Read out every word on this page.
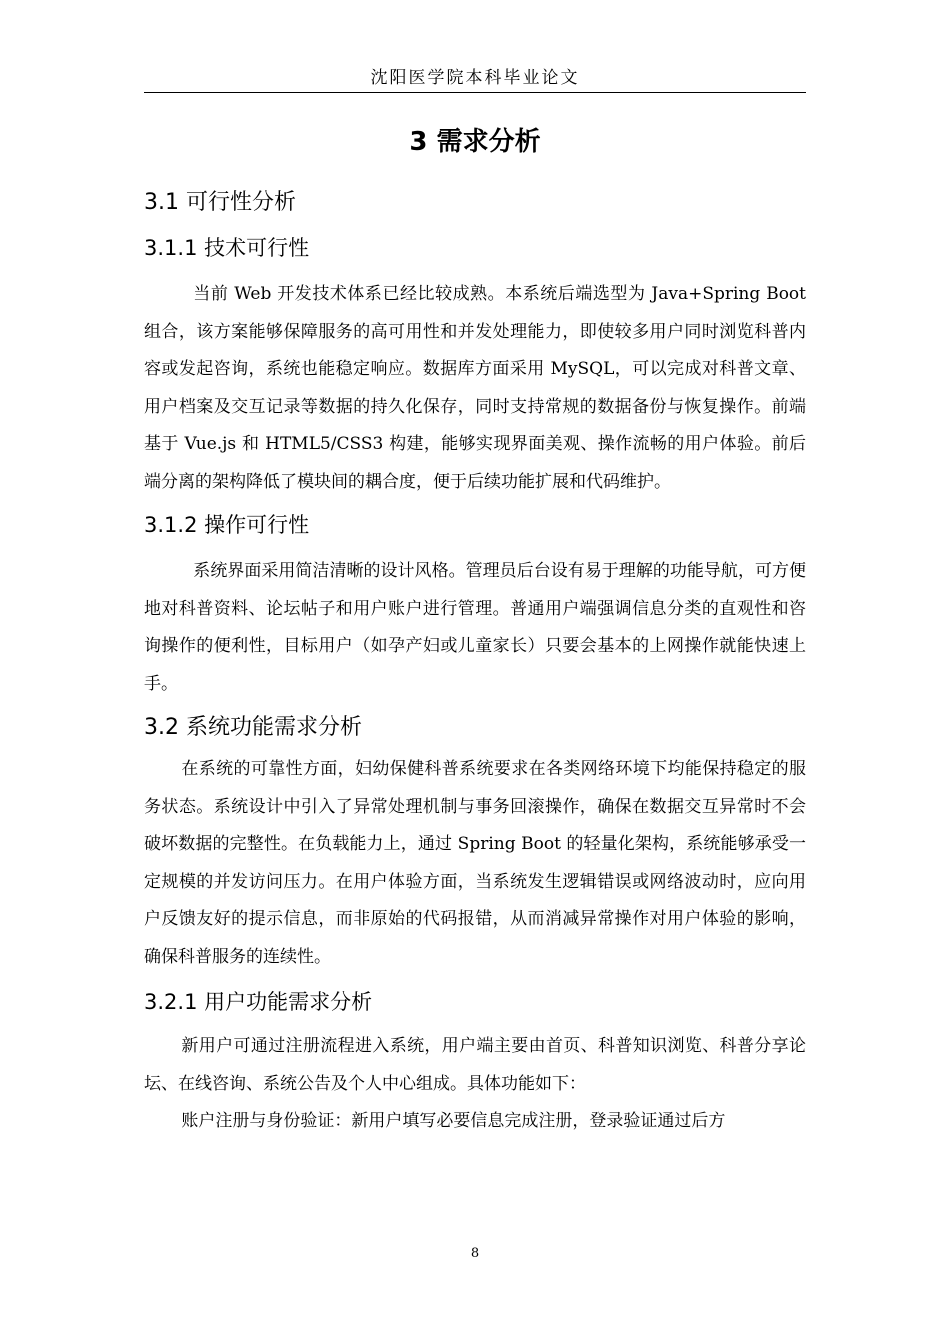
沈阳医学院本科毕业论文
3 需求分析
3.1 可行性分析
3.1.1 技术可行性

当前 Web 开发技术体系已经比较成熟。本系统后端选型为 Java+Spring Boot 组合，该方案能够保障服务的高可用性和并发处理能力，即使较多用户同时浏览科普内容或发起咨询，系统也能稳定响应。数据库方面采用 MySQL，可以完成对科普文章、用户档案及交互记录等数据的持久化保存，同时支持常规的数据备份与恢复操作。前端基于 Vue.js 和 HTML5/CSS3 构建，能够实现界面美观、操作流畅的用户体验。前后端分离的架构降低了模块间的耦合度，便于后续功能扩展和代码维护。

3.1.2 操作可行性

系统界面采用简洁清晰的设计风格。管理员后台设有易于理解的功能导航，可方便地对科普资料、论坛帖子和用户账户进行管理。普通用户端强调信息分类的直观性和咨询操作的便利性，目标用户（如孕产妇或儿童家长）只要会基本的上网操作就能快速上手。

3.2 系统功能需求分析

在系统的可靠性方面，妇幼保健科普系统要求在各类网络环境下均能保持稳定的服务状态。系统设计中引入了异常处理机制与事务回滚操作，确保在数据交互异常时不会破坏数据的完整性。在负载能力上，通过 Spring Boot 的轻量化架构，系统能够承受一定规模的并发访问压力。在用户体验方面，当系统发生逻辑错误或网络波动时，应向用户反馈友好的提示信息，而非原始的代码报错，从而消减异常操作对用户体验的影响，确保科普服务的连续性。

3.2.1 用户功能需求分析

新用户可通过注册流程进入系统，用户端主要由首页、科普知识浏览、科普分享论坛、在线咨询、系统公告及个人中心组成。具体功能如下：

账户注册与身份验证：新用户填写必要信息完成注册，登录验证通过后方

8
